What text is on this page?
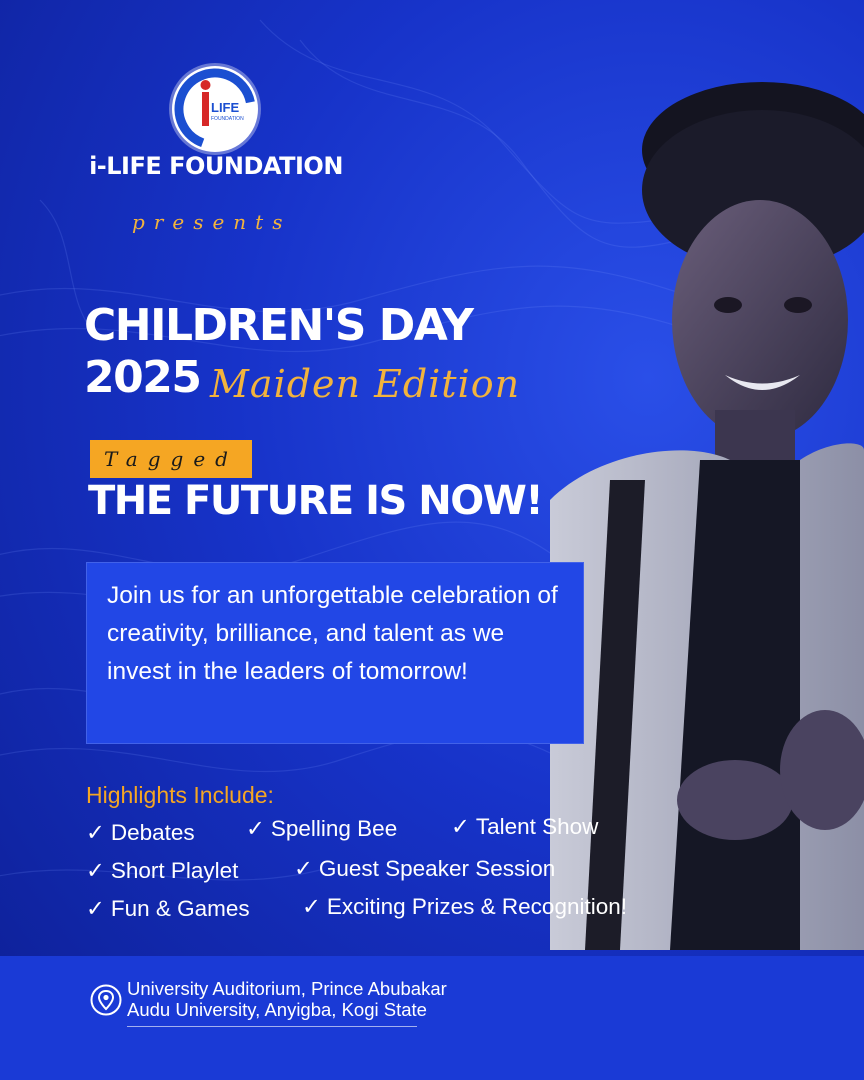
LIFE
FOUNDATION
i-LIFE FOUNDATION
presents
CHILDREN'S DAY
2025 Maiden Edition
Tagged
THE FUTURE IS NOW!
Join us for an unforgettable celebration of creativity, brilliance, and talent as we invest in the leaders of tomorrow!
Highlights Include:
✓ Debates ✓ Spelling Bee ✓ Talent Show
✓ Short Playlet ✓ Guest Speaker Session
✓ Fun & Games ✓ Exciting Prizes & Recognition!
University Auditorium, Prince Abubakar
Audu University, Anyigba, Kogi State
